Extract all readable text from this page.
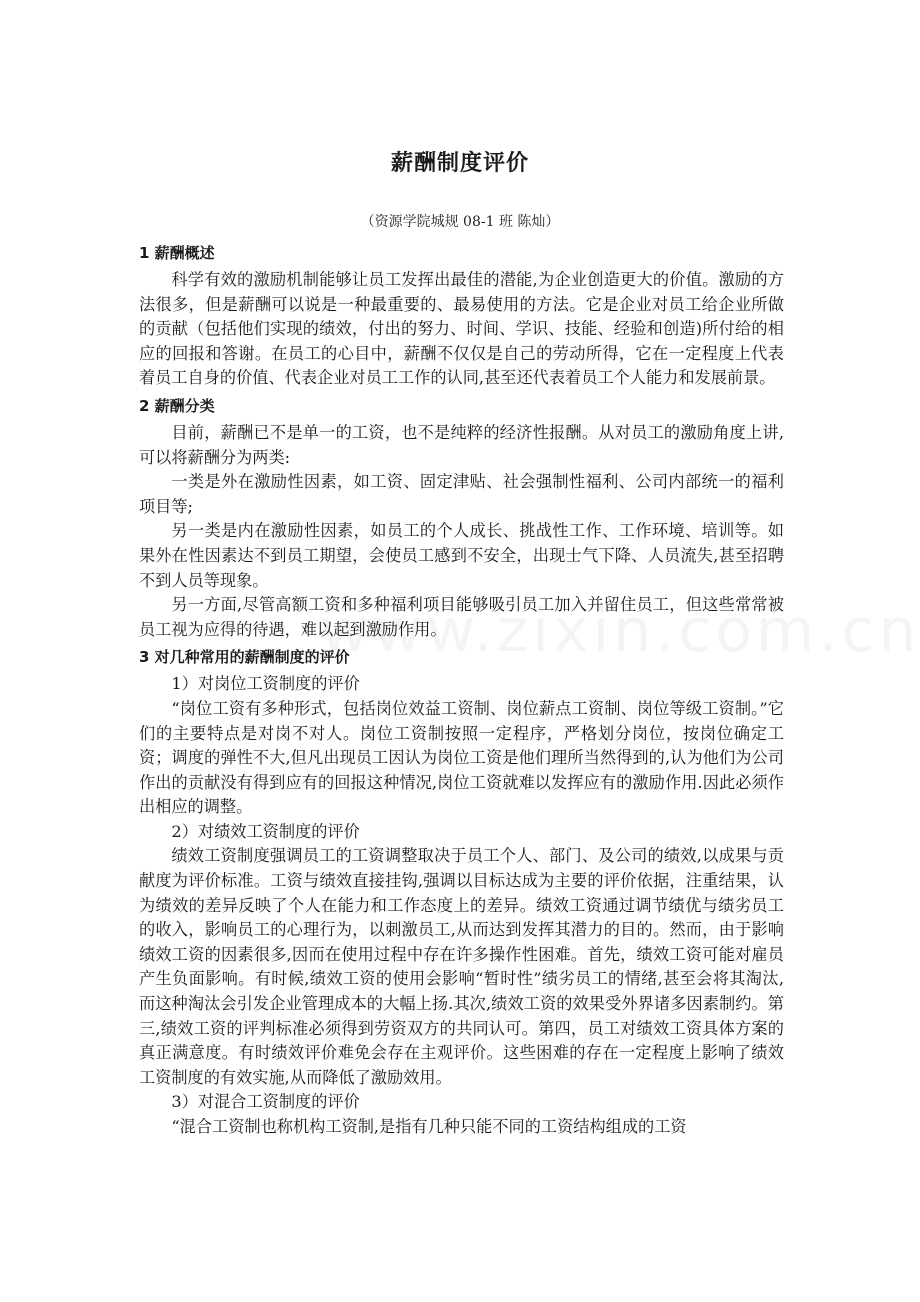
薪酬制度评价
（资源学院城规 08-1 班 陈灿）
1 薪酬概述

科学有效的激励机制能够让员工发挥出最佳的潜能,为企业创造更大的价值。激励的方法很多，但是薪酬可以说是一种最重要的、最易使用的方法。它是企业对员工给企业所做的贡献（包括他们实现的绩效，付出的努力、时间、学识、技能、经验和创造)所付给的相应的回报和答谢。在员工的心目中，薪酬不仅仅是自己的劳动所得，它在一定程度上代表着员工自身的价值、代表企业对员工工作的认同,甚至还代表着员工个人能力和发展前景。

2 薪酬分类

目前，薪酬已不是单一的工资，也不是纯粹的经济性报酬。从对员工的激励角度上讲,可以将薪酬分为两类:

一类是外在激励性因素，如工资、固定津贴、社会强制性福利、公司内部统一的福利项目等;

另一类是内在激励性因素，如员工的个人成长、挑战性工作、工作环境、培训等。如果外在性因素达不到员工期望，会使员工感到不安全，出现士气下降、人员流失,甚至招聘不到人员等现象。

另一方面,尽管高额工资和多种福利项目能够吸引员工加入并留住员工，但这些常常被员工视为应得的待遇，难以起到激励作用。

3 对几种常用的薪酬制度的评价
1）对岗位工资制度的评价

“岗位工资有多种形式，包括岗位效益工资制、岗位薪点工资制、岗位等级工资制。”它们的主要特点是对岗不对人。岗位工资制按照一定程序，严格划分岗位，按岗位确定工资；调度的弹性不大,但凡出现员工因认为岗位工资是他们理所当然得到的,认为他们为公司作出的贡献没有得到应有的回报这种情况,岗位工资就难以发挥应有的激励作用.因此必须作出相应的调整。

2）对绩效工资制度的评价

绩效工资制度强调员工的工资调整取决于员工个人、部门、及公司的绩效,以成果与贡献度为评价标准。工资与绩效直接挂钩,强调以目标达成为主要的评价依据，注重结果，认为绩效的差异反映了个人在能力和工作态度上的差异。绩效工资通过调节绩优与绩劣员工的收入，影响员工的心理行为，以刺激员工,从而达到发挥其潜力的目的。然而，由于影响绩效工资的因素很多,因而在使用过程中存在许多操作性困难。首先，绩效工资可能对雇员产生负面影响。有时候,绩效工资的使用会影响“暂时性”绩劣员工的情绪,甚至会将其淘汰,而这种淘汰会引发企业管理成本的大幅上扬.其次,绩效工资的效果受外界诸多因素制约。第三,绩效工资的评判标准必须得到劳资双方的共同认可。第四，员工对绩效工资具体方案的真正满意度。有时绩效评价难免会存在主观评价。这些困难的存在一定程度上影响了绩效工资制度的有效实施,从而降低了激励效用。

3）对混合工资制度的评价

“混合工资制也称机构工资制,是指有几种只能不同的工资结构组成的工资
